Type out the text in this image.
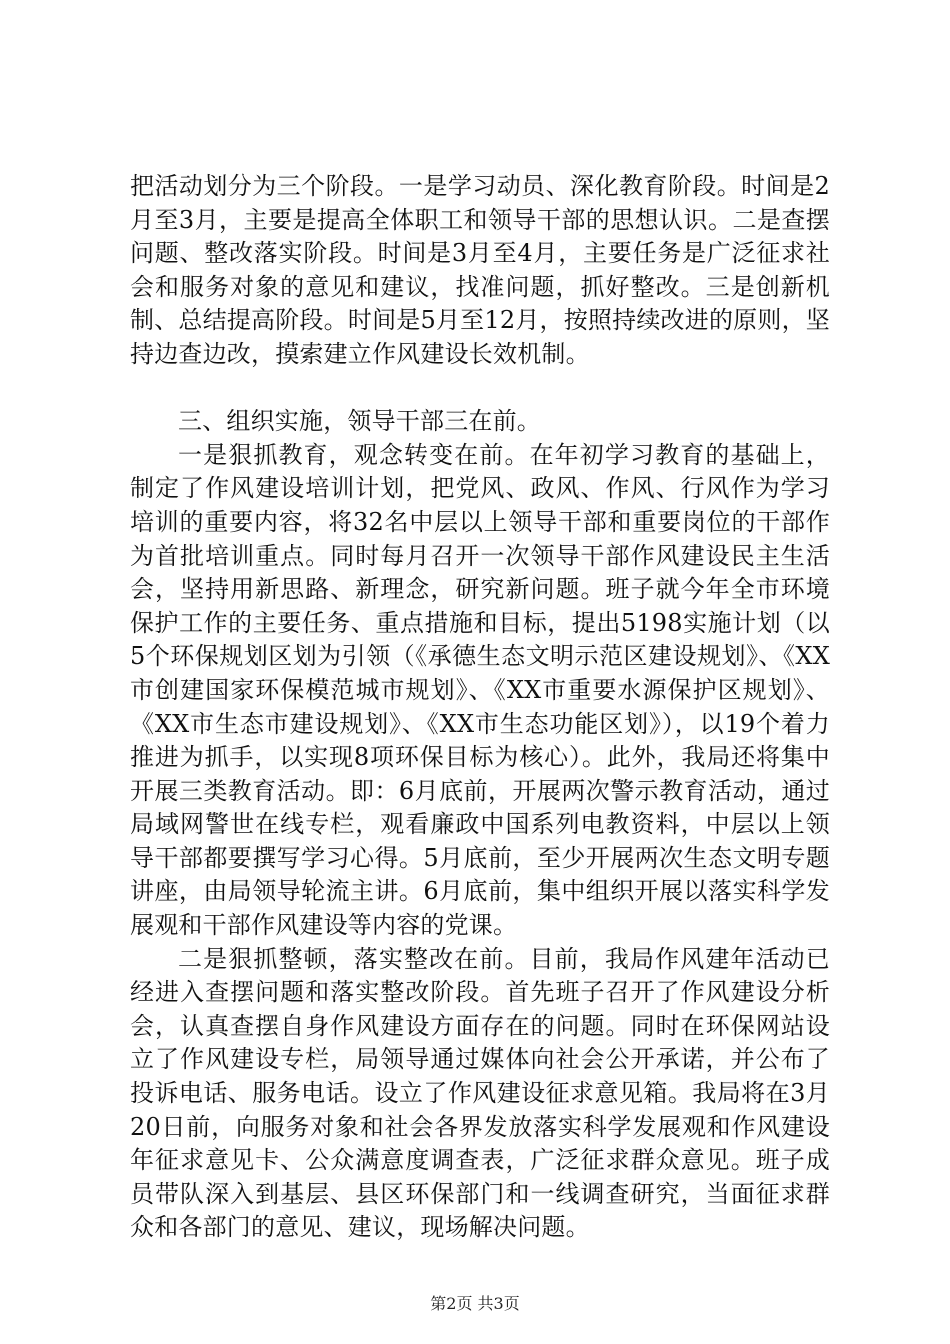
把活动划分为三个阶段。一是学习动员、深化教育阶段。时间是2月至3月，主要是提高全体职工和领导干部的思想认识。二是查摆问题、整改落实阶段。时间是3月至4月，主要任务是广泛征求社会和服务对象的意见和建议，找准问题，抓好整改。三是创新机制、总结提高阶段。时间是5月至12月，按照持续改进的原则，坚持边查边改，摸索建立作风建设长效机制。

三、组织实施，领导干部三在前。

一是狠抓教育，观念转变在前。在年初学习教育的基础上，制定了作风建设培训计划，把党风、政风、作风、行风作为学习培训的重要内容，将32名中层以上领导干部和重要岗位的干部作为首批培训重点。同时每月召开一次领导干部作风建设民主生活会，坚持用新思路、新理念，研究新问题。班子就今年全市环境保护工作的主要任务、重点措施和目标，提出5198实施计划（以5个环保规划区划为引领（《承德生态文明示范区建设规划》、《XX市创建国家环保模范城市规划》、《XX市重要水源保护区规划》、《XX市生态市建设规划》、《XX市生态功能区划》），以19个着力推进为抓手，以实现8项环保目标为核心）。此外，我局还将集中开展三类教育活动。即：6月底前，开展两次警示教育活动，通过局域网警世在线专栏，观看廉政中国系列电教资料，中层以上领导干部都要撰写学习心得。5月底前，至少开展两次生态文明专题讲座，由局领导轮流主讲。6月底前，集中组织开展以落实科学发展观和干部作风建设等内容的党课。

二是狠抓整顿，落实整改在前。目前，我局作风建年活动已经进入查摆问题和落实整改阶段。首先班子召开了作风建设分析会，认真查摆自身作风建设方面存在的问题。同时在环保网站设立了作风建设专栏，局领导通过媒体向社会公开承诺，并公布了投诉电话、服务电话。设立了作风建设征求意见箱。我局将在3月20日前，向服务对象和社会各界发放落实科学发展观和作风建设年征求意见卡、公众满意度调查表，广泛征求群众意见。班子成员带队深入到基层、县区环保部门和一线调查研究，当面征求群众和各部门的意见、建议，现场解决问题。

第2页 共3页
